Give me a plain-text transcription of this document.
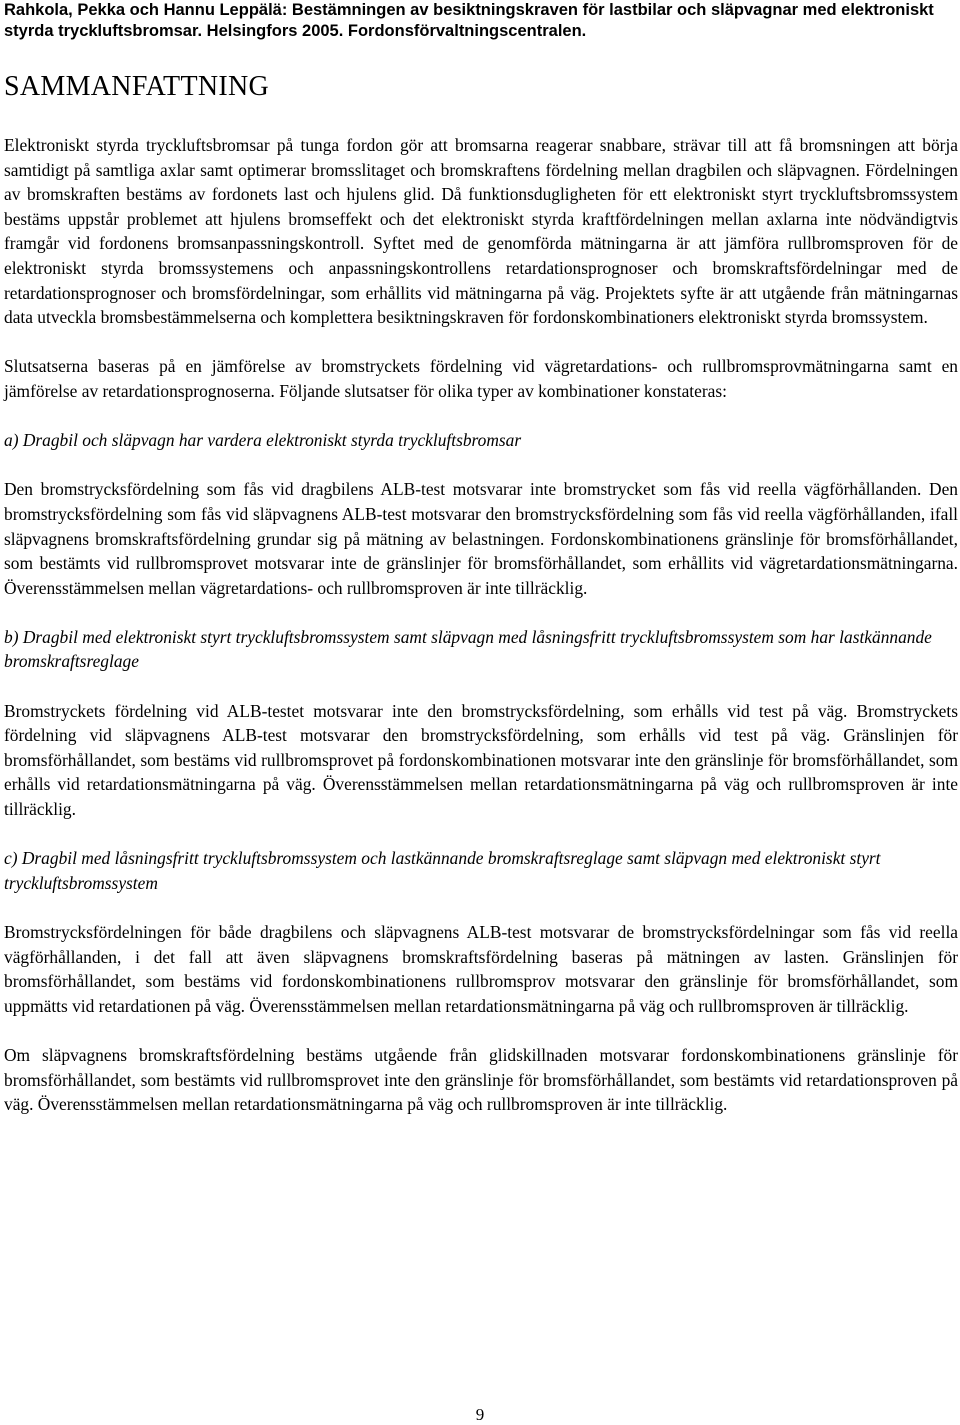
Rahkola, Pekka och Hannu Leppälä: Bestämningen av besiktningskraven för lastbilar och släpvagnar med elektroniskt styrda tryckluftsbromsar. Helsingfors 2005. Fordonsförvaltningscentralen.
SAMMANFATTNING

Elektroniskt styrda tryckluftsbromsar på tunga fordon gör att bromsarna reagerar snabbare, strävar till att få bromsningen att börja samtidigt på samtliga axlar samt optimerar bromsslitaget och bromskraftens fördelning mellan dragbilen och släpvagnen. Fördelningen av bromskraften bestäms av fordonets last och hjulens glid. Då funktionsdugligheten för ett elektroniskt styrt tryckluftsbromssystem bestäms uppstår problemet att hjulens bromseffekt och det elektroniskt styrda kraftfördelningen mellan axlarna inte nödvändigtvis framgår vid fordonens bromsanpassningskontroll. Syftet med de genomförda mätningarna är att jämföra rullbromsproven för de elektroniskt styrda bromssystemens och anpassningskontrollens retardationsprognoser och bromskraftsfördelningar med de retardationsprognoser och bromsfördelningar, som erhållits vid mätningarna på väg. Projektets syfte är att utgående från mätningarnas data utveckla bromsbestämmelserna och komplettera besiktningskraven för fordonskombinationers elektroniskt styrda bromssystem.

Slutsatserna baseras på en jämförelse av bromstryckets fördelning vid vägretardations- och rullbromsprovmätningarna samt en jämförelse av retardationsprognoserna. Följande slutsatser för olika typer av kombinationer konstateras:

a) Dragbil och släpvagn har vardera elektroniskt styrda tryckluftsbromsar

Den bromstrycksfördelning som fås vid dragbilens ALB-test motsvarar inte bromstrycket som fås vid reella vägförhållanden. Den bromstrycksfördelning som fås vid släpvagnens ALB-test motsvarar den bromstrycksfördelning som fås vid reella vägförhållanden, ifall släpvagnens bromskraftsfördelning grundar sig på mätning av belastningen. Fordonskombinationens gränslinje för bromsförhållandet, som bestämts vid rullbromsprovet motsvarar inte de gränslinjer för bromsförhållandet, som erhållits vid vägretardationsmätningarna. Överensstämmelsen mellan vägretardations- och rullbromsproven är inte tillräcklig.

b) Dragbil med elektroniskt styrt tryckluftsbromssystem samt släpvagn med låsningsfritt tryckluftsbromssystem som har lastkännande bromskraftsreglage

Bromstryckets fördelning vid ALB-testet motsvarar inte den bromstrycksfördelning, som erhålls vid test på väg. Bromstryckets fördelning vid släpvagnens ALB-test motsvarar den bromstrycksfördelning, som erhålls vid test på väg. Gränslinjen för bromsförhållandet, som bestäms vid rullbromsprovet på fordonskombinationen motsvarar inte den gränslinje för bromsförhållandet, som erhålls vid retardationsmätningarna på väg. Överensstämmelsen mellan retardationsmätningarna på väg och rullbromsproven är inte tillräcklig.

c) Dragbil med låsningsfritt tryckluftsbromssystem och lastkännande bromskraftsreglage samt släpvagn med elektroniskt styrt tryckluftsbromssystem

Bromstrycksfördelningen för både dragbilens och släpvagnens ALB-test motsvarar de bromstrycksfördelningar som fås vid reella vägförhållanden, i det fall att även släpvagnens bromskraftsfördelning baseras på mätningen av lasten. Gränslinjen för bromsförhållandet, som bestäms vid fordonskombinationens rullbromsprov motsvarar den gränslinje för bromsförhållandet, som uppmätts vid retardationen på väg. Överensstämmelsen mellan retardationsmätningarna på väg och rullbromsproven är tillräcklig.

Om släpvagnens bromskraftsfördelning bestäms utgående från glidskillnaden motsvarar fordonskombinationens gränslinje för bromsförhållandet, som bestämts vid rullbromsprovet inte den gränslinje för bromsförhållandet, som bestämts vid retardationsproven på väg. Överensstämmelsen mellan retardationsmätningarna på väg och rullbromsproven är inte tillräcklig.

9
